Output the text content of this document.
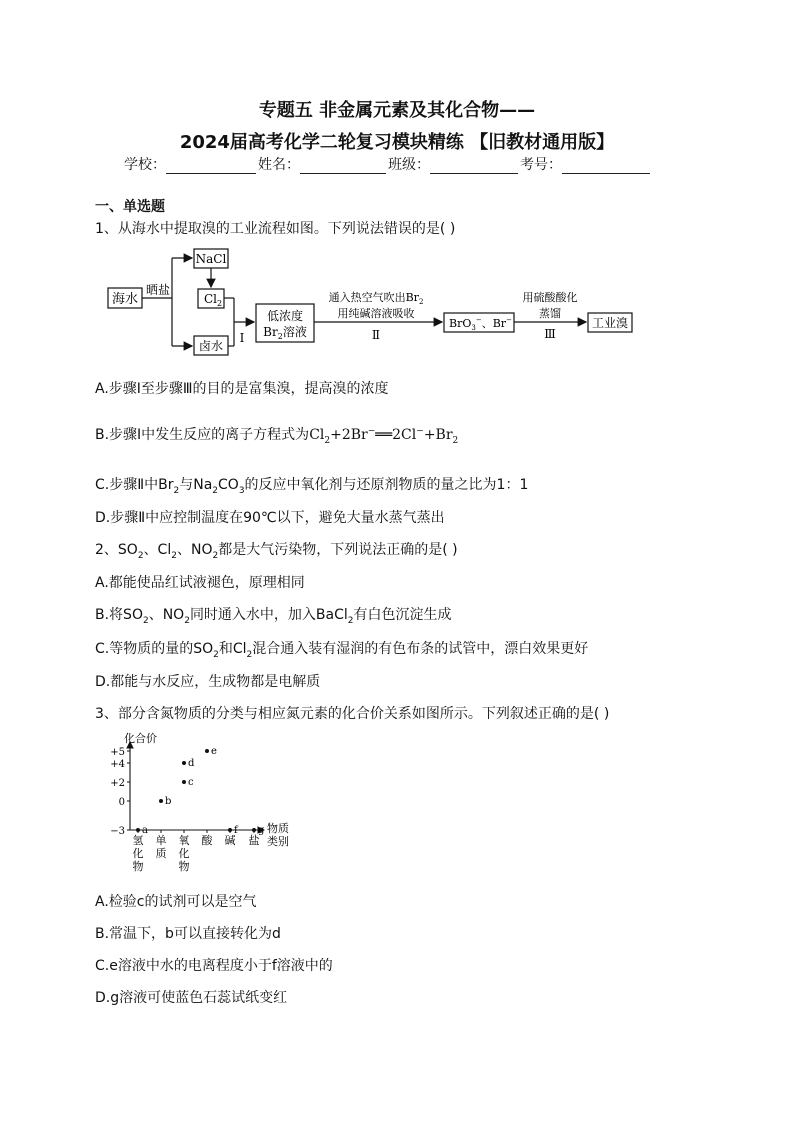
专题五 非金属元素及其化合物——
2024届高考化学二轮复习模块精练 【旧教材通用版】
学校：	姓名：	班级：	考号：
一、单选题
1、从海水中提取溴的工业流程如图。下列说法错误的是( )
海水
晒盐
NaCl
$Cl_2$
卤水
Ⅰ
低浓度
$Br_2$溶液
通入热空气吹出$Br_2$
用纯碱溶液吸收
Ⅱ
BrO$_3$−、Br−
用硫酸酸化
蒸馏
Ⅲ
工业溴
A.步骤Ⅰ至步骤Ⅲ的目的是富集溴，提高溴的浓度
B.步骤Ⅰ中发生反应的离子方程式为$Cl_2+2Br^-══2Cl^-+Br_2$
C.步骤Ⅱ中$Br_2$与$Na_2CO_3$的反应中氧化剂与还原剂物质的量之比为1：1
D.步骤Ⅱ中应控制温度在90℃以下，避免大量水蒸气蒸出
2、$SO_2$、$Cl_2$、$NO_2$都是大气污染物，下列说法正确的是( )
A.都能使品红试液褪色，原理相同
B.将$SO_2$、$NO_2$同时通入水中，加入BaCl$_2$有白色沉淀生成
C.等物质的量的$SO_2$和$Cl_2$混合通入装有湿润的有色布条的试管中，漂白效果更好
D.都能与水反应，生成物都是电解质
3、部分含氮物质的分类与相应氮元素的化合价关系如图所示。下列叙述正确的是( )
+5
+4
+2
0
−3
氢
化
物
单
质
氧
化
物
酸 碱 盐
a
b
c
d
e
f g
化合价
物质
类别
A.检验c的试剂可以是空气
B.常温下，b可以直接转化为d
C.e溶液中水的电离程度小于f溶液中的
D.g溶液可使蓝色石蕊试纸变红
